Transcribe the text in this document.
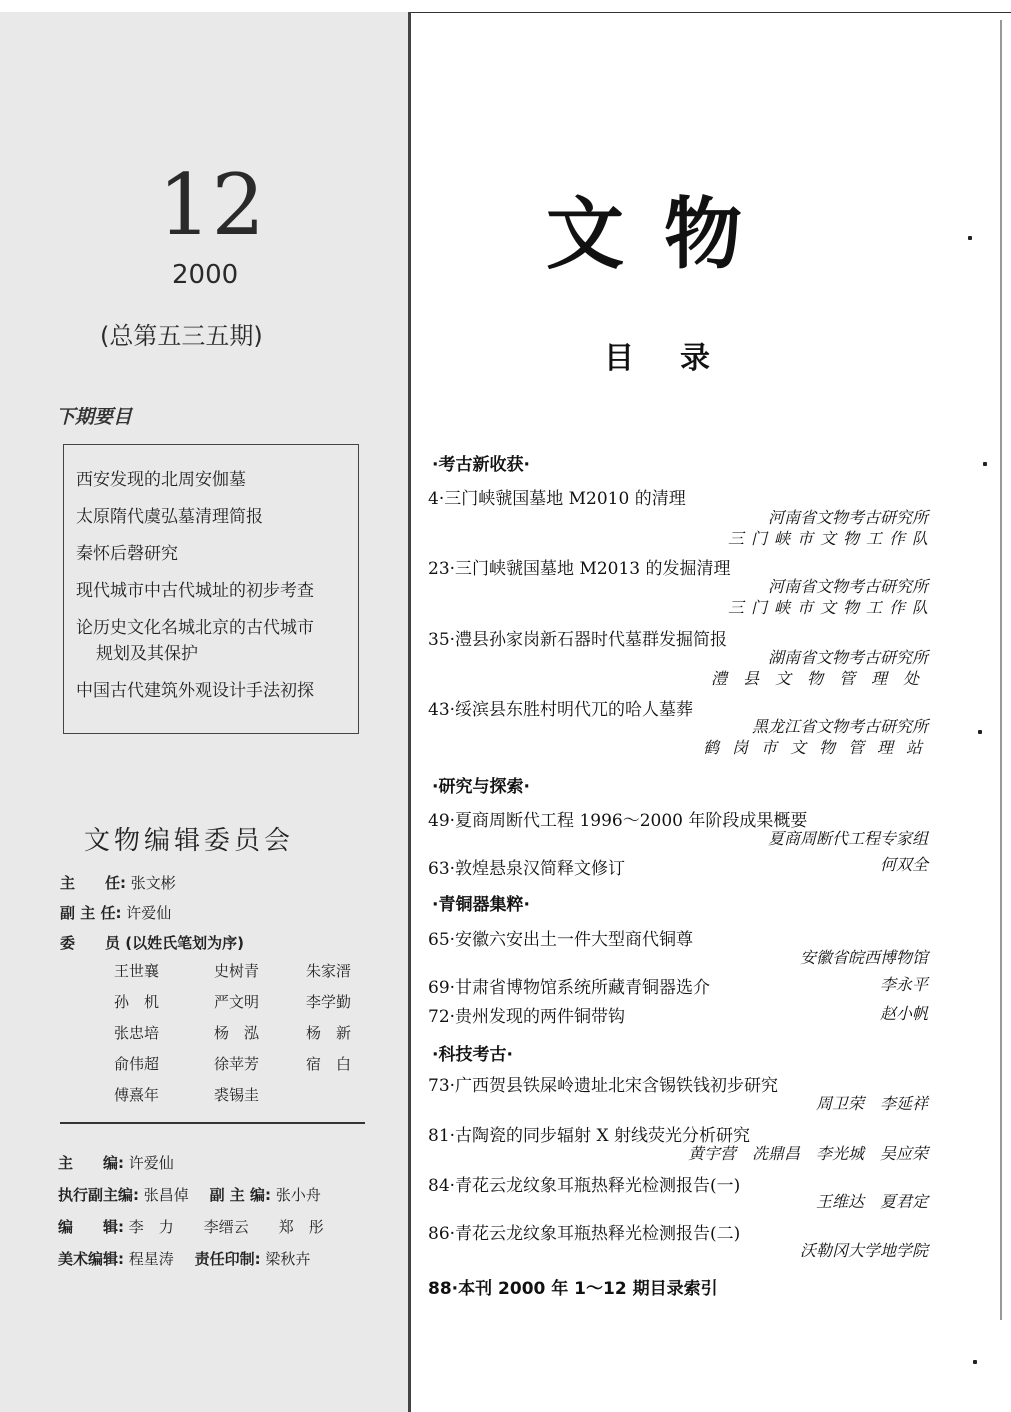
12
2000
(总第五三五期)
下期要目
西安发现的北周安伽墓
太原隋代虞弘墓清理简报
秦怀后磬研究
现代城市中古代城址的初步考查
论历史文化名城北京的古代城市
规划及其保护
中国古代建筑外观设计手法初探
文物编辑委员会
主　　任: 张文彬
副 主 任: 许爱仙
委　　员 (以姓氏笔划为序)
王世襄	史树青	朱家溍
孙　机	严文明	李学勤
张忠培	杨　泓	杨　新
俞伟超	徐苹芳	宿　白
傅熹年	裘锡圭
主　　编: 许爱仙
执行副主编: 张昌倬 副 主 编: 张小舟
编　　辑: 李　力　　李缙云　　郑　彤
美术编辑: 程星涛 责任印制: 梁秋卉
文物
目录
·考古新收获·
4·三门峡虢国墓地 M2010 的清理
河南省文物考古研究所
三门峡市文物工作队
23·三门峡虢国墓地 M2013 的发掘清理
河南省文物考古研究所
三门峡市文物工作队
35·澧县孙家岗新石器时代墓群发掘简报
湖南省文物考古研究所
澧县文物管理处
43·绥滨县东胜村明代兀的哈人墓葬
黑龙江省文物考古研究所
鹤岗市文物管理站
·研究与探索·
49·夏商周断代工程 1996～2000 年阶段成果概要
夏商周断代工程专家组
63·敦煌悬泉汉简释文修订	何双全
·青铜器集粹·
65·安徽六安出土一件大型商代铜尊
安徽省皖西博物馆
69·甘肃省博物馆系统所藏青铜器选介	李永平
72·贵州发现的两件铜带钩	赵小帆
·科技考古·
73·广西贺县铁屎岭遗址北宋含锡铁钱初步研究
周卫荣　李延祥
81·古陶瓷的同步辐射 X 射线荧光分析研究
黄宇营　冼鼎昌　李光城　吴应荣
84·青花云龙纹象耳瓶热释光检测报告(一)
王维达　夏君定
86·青花云龙纹象耳瓶热释光检测报告(二)
沃勒冈大学地学院
88·本刊 2000 年 1～12 期目录索引
